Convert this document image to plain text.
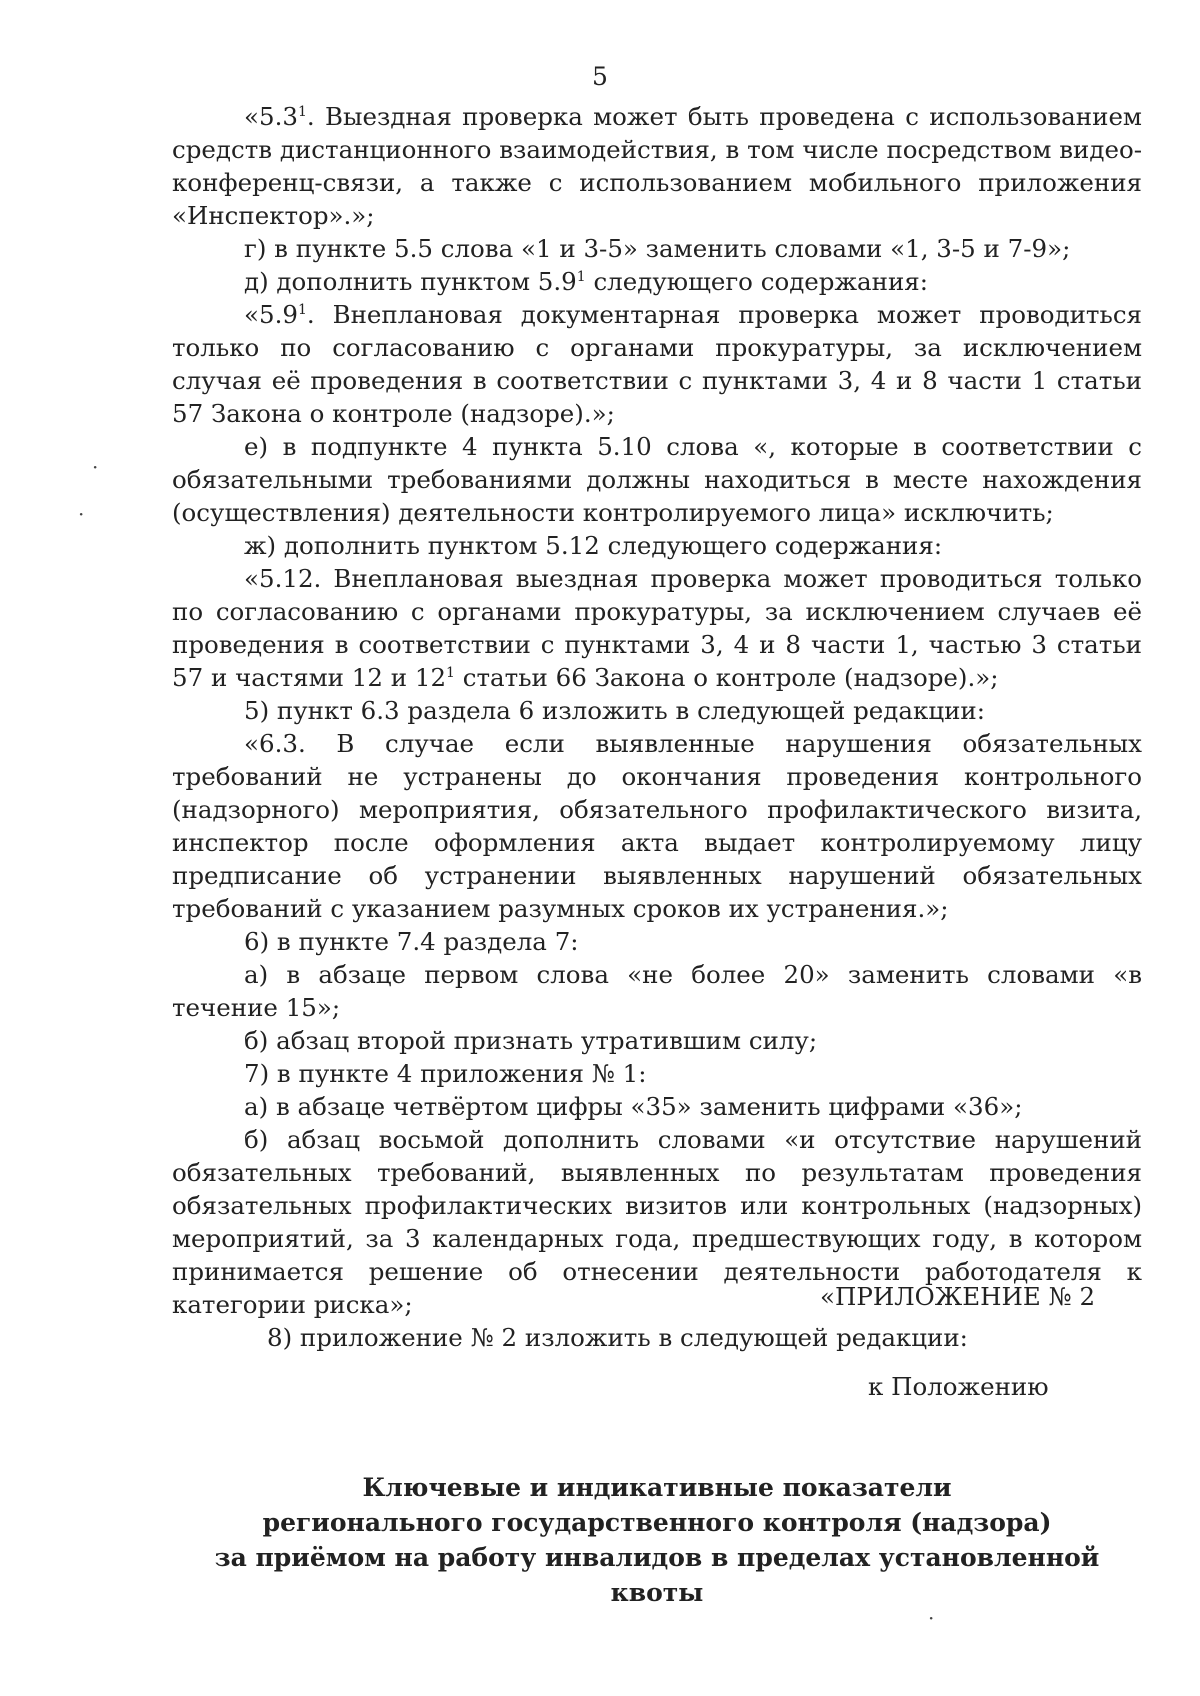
5

«$5.3^1$. Выездная проверка может быть проведена с использованием средств дистанционного взаимодействия, в том числе посредством видео-конференц-связи, а также с использованием мобильного приложения «Инспектор».»;

г) в пункте 5.5 слова «1 и 3-5» заменить словами «1, 3-5 и 7-9»;

д) дополнить пунктом $5.9^1$ следующего содержания:

«$5.9^1$. Внеплановая документарная проверка может проводиться только по согласованию с органами прокуратуры, за исключением случая её проведения в соответствии с пунктами 3, 4 и 8 части 1 статьи 57 Закона о контроле (надзоре).»;

е) в подпункте 4 пункта 5.10 слова «, которые в соответствии с обязательными требованиями должны находиться в месте нахождения (осуществления) деятельности контролируемого лица» исключить;

ж) дополнить пунктом 5.12 следующего содержания:

«5.12. Внеплановая выездная проверка может проводиться только по согласованию с органами прокуратуры, за исключением случаев её проведения в соответствии с пунктами 3, 4 и 8 части 1, частью 3 статьи 57 и частями 12 и $12^1$ статьи 66 Закона о контроле (надзоре).»;

5) пункт 6.3 раздела 6 изложить в следующей редакции:

«6.3. В случае если выявленные нарушения обязательных требований не устранены до окончания проведения контрольного (надзорного) мероприятия, обязательного профилактического визита, инспектор после оформления акта выдает контролируемому лицу предписание об устранении выявленных нарушений обязательных требований с указанием разумных сроков их устранения.»;

6) в пункте 7.4 раздела 7:

а) в абзаце первом слова «не более 20» заменить словами «в течение 15»;

б) абзац второй признать утратившим силу;

7) в пункте 4 приложения № 1:

а) в абзаце четвёртом цифры «35» заменить цифрами «36»;

б) абзац восьмой дополнить словами «и отсутствие нарушений обязательных требований, выявленных по результатам проведения обязательных профилактических визитов или контрольных (надзорных) мероприятий, за 3 календарных года, предшествующих году, в котором принимается решение об отнесении деятельности работодателя к категории риска»;

8) приложение № 2 изложить в следующей редакции:

«ПРИЛОЖЕНИЕ № 2
к Положению
Ключевые и индикативные показатели
регионального государственного контроля (надзора)
за приёмом на работу инвалидов в пределах установленной квоты
·
·
·
